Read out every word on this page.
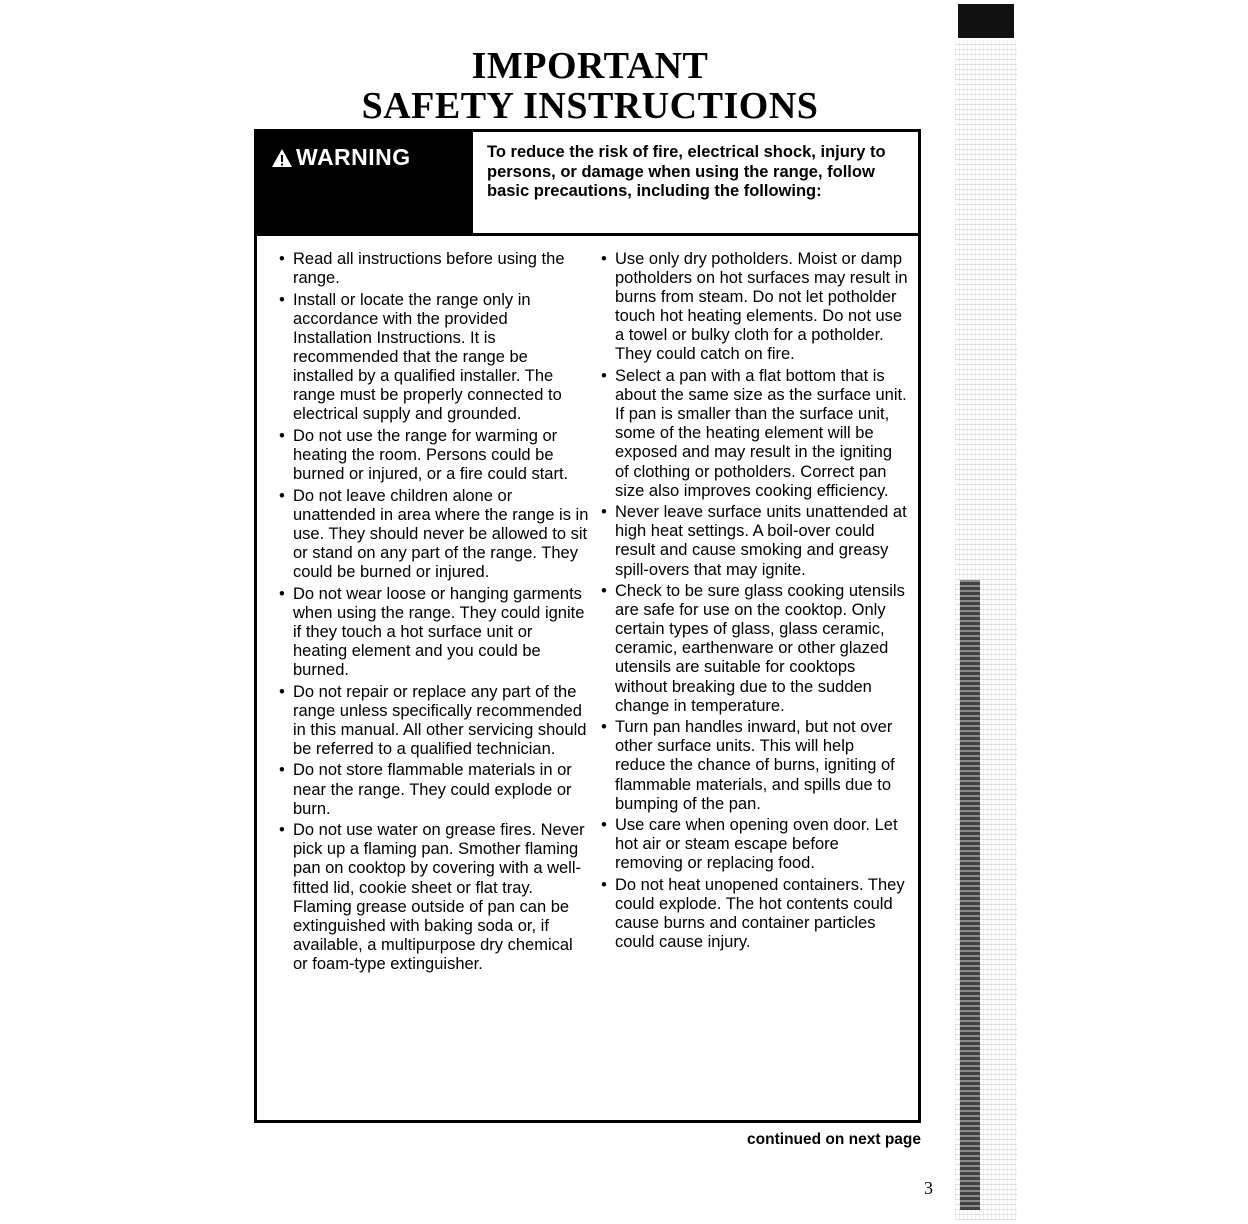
IMPORTANT
SAFETY INSTRUCTIONS
WARNING	To reduce the risk of fire, electrical shock, injury to persons, or damage when using the range, follow basic precautions, including the following:
• Read all instructions before using the range.
• Install or locate the range only in accordance with the provided Installation Instructions. It is recommended that the range be installed by a qualified installer. The range must be properly connected to electrical supply and grounded.
• Do not use the range for warming or heating the room. Persons could be burned or injured, or a fire could start.
• Do not leave children alone or unattended in area where the range is in use. They should never be allowed to sit or stand on any part of the range. They could be burned or injured.
• Do not wear loose or hanging garments when using the range. They could ignite if they touch a hot surface unit or heating element and you could be burned.
• Do not repair or replace any part of the range unless specifically recommended in this manual. All other servicing should be referred to a qualified technician.
• Do not store flammable materials in or near the range. They could explode or burn.
• Do not use water on grease fires. Never pick up a flaming pan. Smother flaming pan on cooktop by covering with a well-fitted lid, cookie sheet or flat tray. Flaming grease outside of pan can be extinguished with baking soda or, if available, a multipurpose dry chemical or foam-type extinguisher.
• Use only dry potholders. Moist or damp potholders on hot surfaces may result in burns from steam. Do not let potholder touch hot heating elements. Do not use a towel or bulky cloth for a potholder. They could catch on fire.
• Select a pan with a flat bottom that is about the same size as the surface unit. If pan is smaller than the surface unit, some of the heating element will be exposed and may result in the igniting of clothing or potholders. Correct pan size also improves cooking efficiency.
• Never leave surface units unattended at high heat settings. A boil-over could result and cause smoking and greasy spill-overs that may ignite.
• Check to be sure glass cooking utensils are safe for use on the cooktop. Only certain types of glass, glass ceramic, ceramic, earthenware or other glazed utensils are suitable for cooktops without breaking due to the sudden change in temperature.
• Turn pan handles inward, but not over other surface units. This will help reduce the chance of burns, igniting of flammable materials, and spills due to bumping of the pan.
• Use care when opening oven door. Let hot air or steam escape before removing or replacing food.
• Do not heat unopened containers. They could explode. The hot contents could cause burns and container particles could cause injury.
continued on next page
3
